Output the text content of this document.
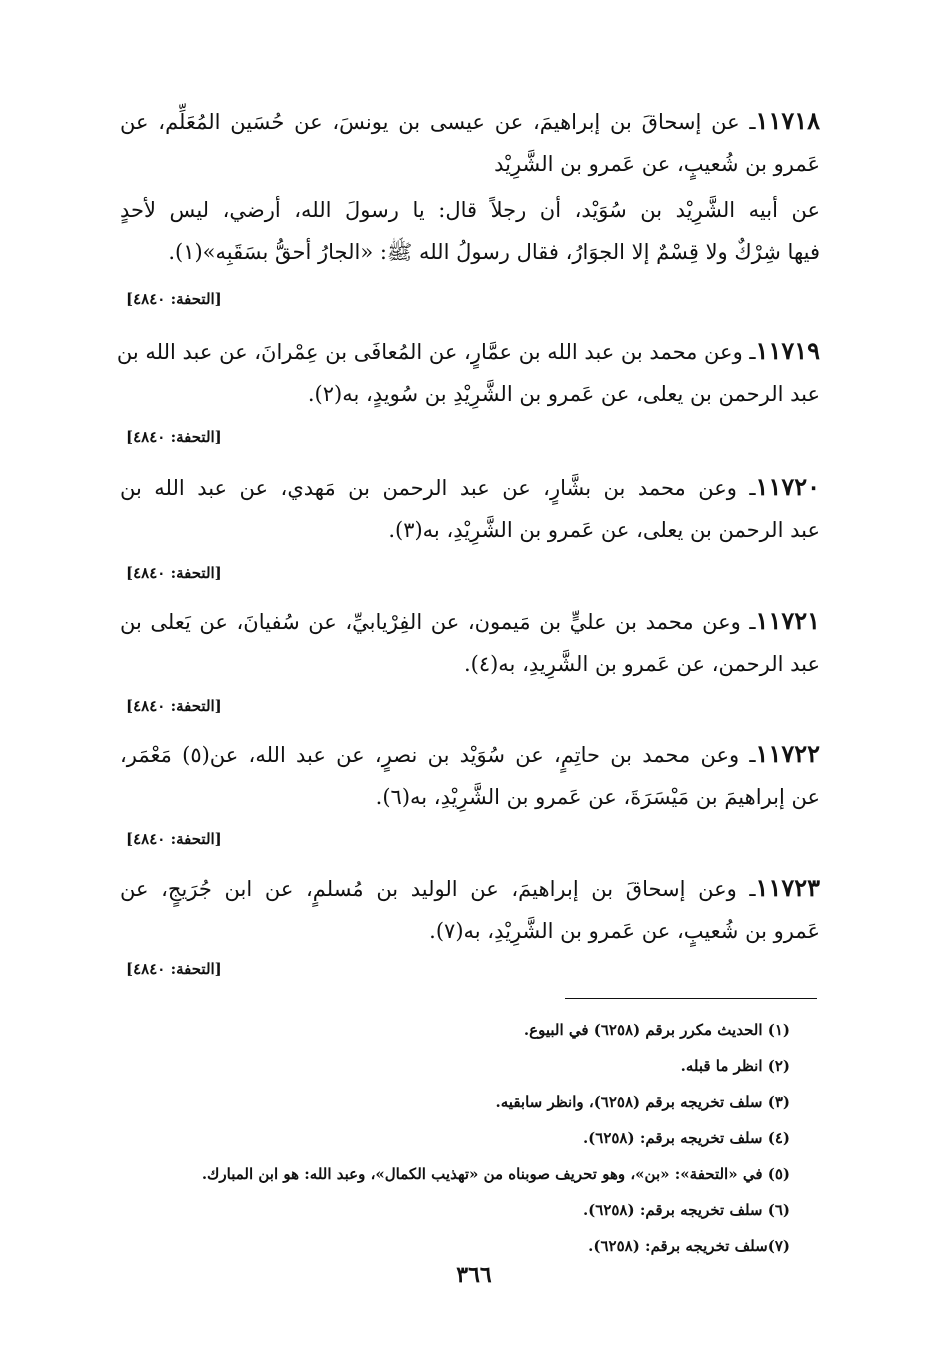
١١٧١٨ـ عن إسحاقَ بن إبراهيمَ، عن عيسى بن يونسَ، عن حُسَين المُعَلِّم، عن
عَمرو بن شُعيبٍ، عن عَمرو بن الشَّرِيْد
عن أبيه الشَّرِيْد بن سُوَيْد، أن رجلاً قال: يا رسولَ الله، أرضي، ليس لأحدٍ
فيها شِرْكٌ ولا قِسْمٌ إلا الجوَارُ، فقال رسولُ الله ﷺ: «الجارُ أحقُّ بسَقَبِه»(١).
[التحفة: ٤٨٤٠]
١١٧١٩ـ وعن محمد بن عبد الله بن عمَّارٍ، عن المُعافَى بن عِمْرانَ، عن عبد الله بن
عبد الرحمن بن يعلى، عن عَمرو بن الشَّرِيْدِ بن سُويدٍ، به(٢).
[التحفة: ٤٨٤٠]
١١٧٢٠ـ وعن محمد بن بشَّارٍ، عن عبد الرحمن بن مَهدي، عن عبد الله بن
عبد الرحمن بن يعلى، عن عَمرو بن الشَّرِيْدِ، به(٣).
[التحفة: ٤٨٤٠]
١١٧٢١ـ وعن محمد بن عليٍّ بن مَيمون، عن الفِرْيابيِّ، عن سُفيانَ، عن يَعلى بن
عبد الرحمن، عن عَمرو بن الشَّرِيدِ، به(٤).
[التحفة: ٤٨٤٠]
١١٧٢٢ـ وعن محمد بن حاتِمٍ، عن سُوَيْد بن نصرٍ، عن عبد الله، عن(٥) مَعْمَر،
عن إبراهيمَ بن مَيْسَرَةَ، عن عَمرو بن الشَّرِيْدِ، به(٦).
[التحفة: ٤٨٤٠]
١١٧٢٣ـ وعن إسحاقَ بن إبراهيمَ، عن الوليد بن مُسلمٍ، عن ابن جُرَيجٍ، عن
عَمرو بن شُعيبٍ، عن عَمرو بن الشَّرِيْدِ، به(٧).
[التحفة: ٤٨٤٠]
(١) الحديث مكرر برقم (٦٢٥٨) في البيوع.
(٢) انظر ما قبله.
(٣) سلف تخريجه برقم (٦٢٥٨)، وانظر سابقيه.
(٤) سلف تخريجه برقم: (٦٢٥٨).
(٥) في «التحفة»: «بن»، وهو تحريف صوبناه من «تهذيب الكمال»، وعبد الله: هو ابن المبارك.
(٦) سلف تخريجه برقم: (٦٢٥٨).
(٧)سلف تخريجه برقم: (٦٢٥٨).
٣٦٦
